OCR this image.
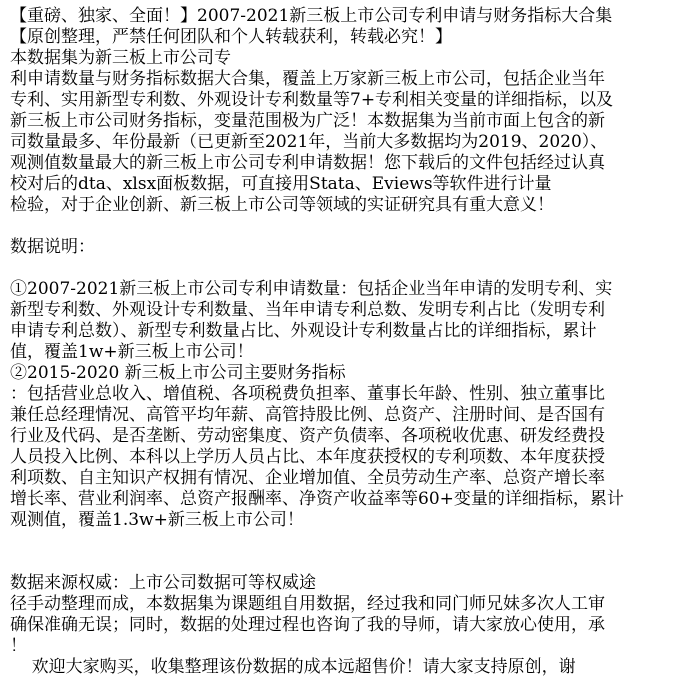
【重磅、独家、全面！】2007-2021新三板上市公司专利申请与财务指标大合集
【原创整理，严禁任何团队和个人转载获利，转载必究！】
本数据集为新三板上市公司专
利申请数量与财务指标数据大合集，覆盖上万家新三板上市公司，包括企业当年
专利、实用新型专利数、外观设计专利数量等7+专利相关变量的详细指标，以及
新三板上市公司财务指标，变量范围极为广泛！本数据集为当前市面上包含的新
司数量最多、年份最新（已更新至2021年，当前大多数据均为2019、2020）、
观测值数量最大的新三板上市公司专利申请数据！您下载后的文件包括经过认真
校对后的dta、xlsx面板数据，可直接用Stata、Eviews等软件进行计量
检验，对于企业创新、新三板上市公司等领域的实证研究具有重大意义！
数据说明：
①2007-2021新三板上市公司专利申请数量：包括企业当年申请的发明专利、实
新型专利数、外观设计专利数量、当年申请专利总数、发明专利占比（发明专利
申请专利总数）、新型专利数量占比、外观设计专利数量占比的详细指标，累计
值，覆盖1w+新三板上市公司！
②2015-2020 新三板上市公司主要财务指标
：包括营业总收入、增值税、各项税费负担率、董事长年龄、性别、独立董事比
兼任总经理情况、高管平均年薪、高管持股比例、总资产、注册时间、是否国有
行业及代码、是否垄断、劳动密集度、资产负债率、各项税收优惠、研发经费投
人员投入比例、本科以上学历人员占比、本年度获授权的专利项数、本年度获授
利项数、自主知识产权拥有情况、企业增加值、全员劳动生产率、总资产增长率
增长率、营业利润率、总资产报酬率、净资产收益率等60+变量的详细指标，累计
观测值，覆盖1.3w+新三板上市公司！
数据来源权威：上市公司数据可等权威途
径手动整理而成，本数据集为课题组自用数据，经过我和同门师兄妹多次人工审
确保准确无误；同时，数据的处理过程也咨询了我的导师，请大家放心使用，承
！
欢迎大家购买，收集整理该份数据的成本远超售价！请大家支持原创，谢
